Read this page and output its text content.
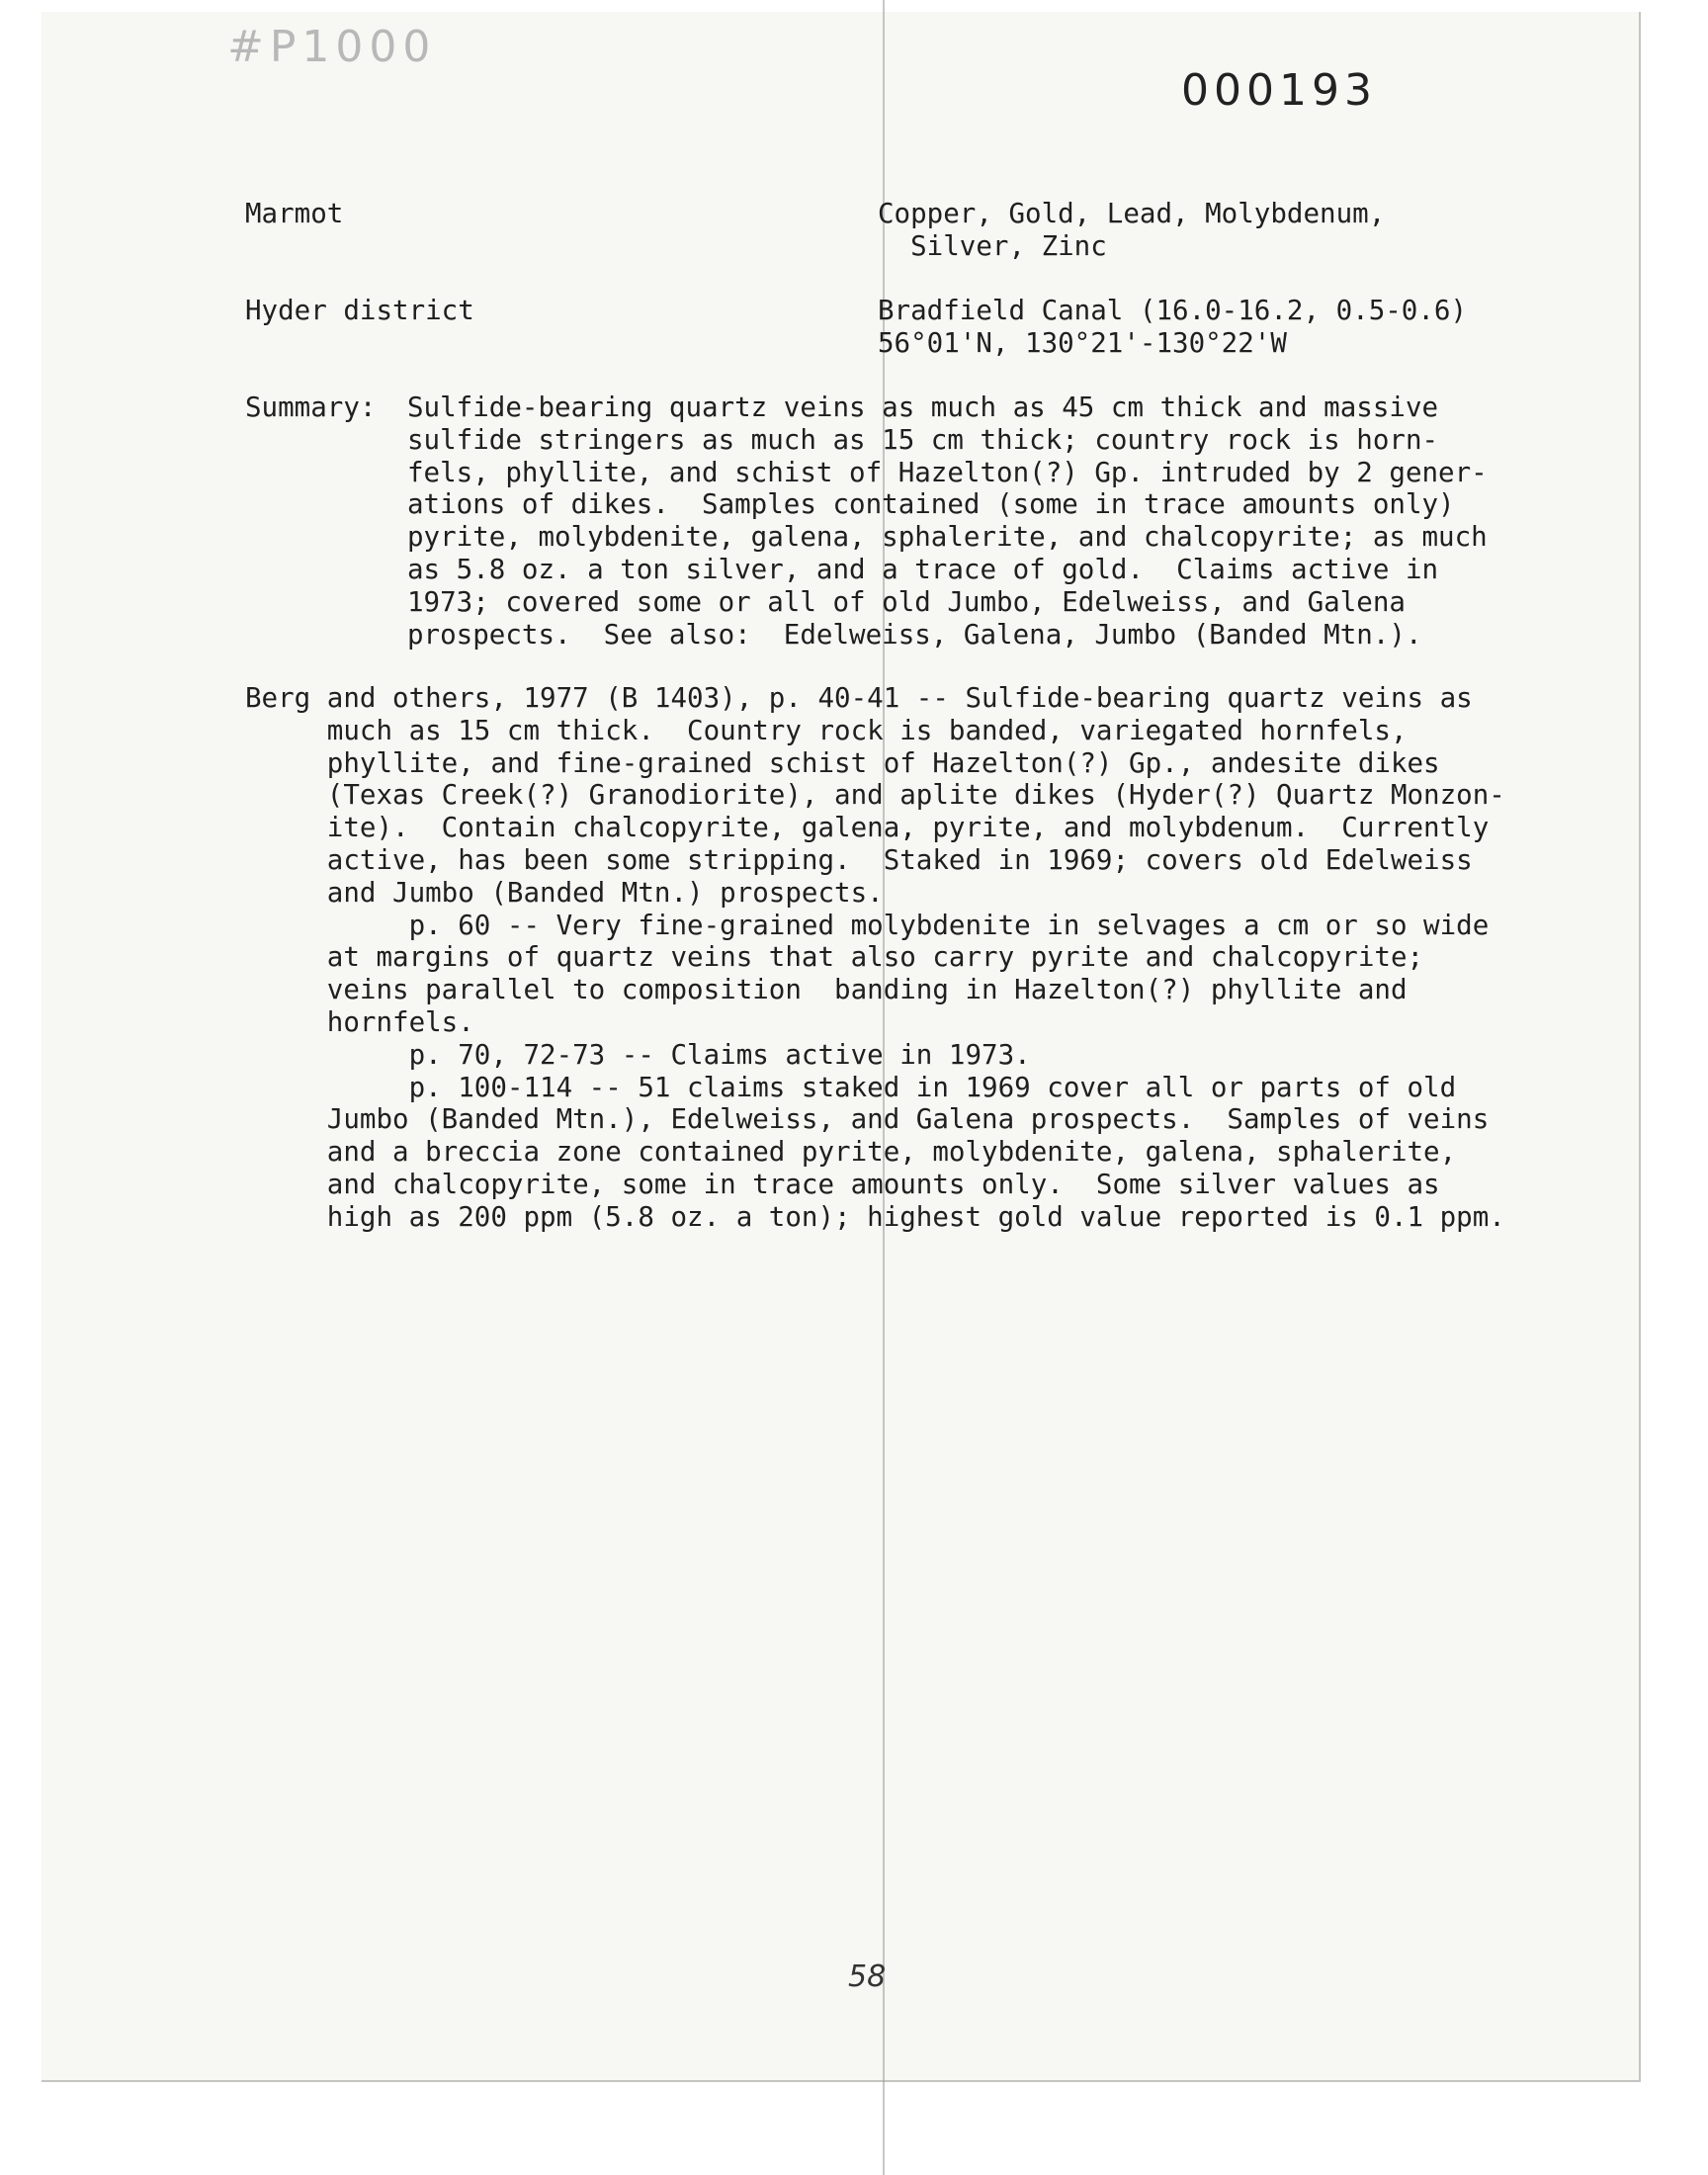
#P1000
000193
Marmot	Copper, Gold, Lead, Molybdenum,
Silver, Zinc
Hyder district	Bradfield Canal (16.0-16.2, 0.5-0.6)
56°01'N, 130°21'-130°22'W
Summary: Sulfide-bearing quartz veins as much as 45 cm thick and massive
sulfide stringers as much as 15 cm thick; country rock is horn-
fels, phyllite, and schist of Hazelton(?) Gp. intruded by 2 gener-
ations of dikes.  Samples contained (some in trace amounts only)
pyrite, molybdenite, galena, sphalerite, and chalcopyrite; as much
as 5.8 oz. a ton silver, and a trace of gold.  Claims active in
1973; covered some or all of old Jumbo, Edelweiss, and Galena
prospects.  See also:  Edelweiss, Galena, Jumbo (Banded Mtn.).
Berg and others, 1977 (B 1403), p. 40-41 -- Sulfide-bearing quartz veins as
much as 15 cm thick.  Country rock is banded, variegated hornfels,
phyllite, and fine-grained schist of Hazelton(?) Gp., andesite dikes
(Texas Creek(?) Granodiorite), and aplite dikes (Hyder(?) Quartz Monzon-
ite).  Contain chalcopyrite, galena, pyrite, and molybdenum.  Currently
active, has been some stripping.  Staked in 1969; covers old Edelweiss
and Jumbo (Banded Mtn.) prospects.
p. 60 -- Very fine-grained molybdenite in selvages a cm or so wide
at margins of quartz veins that also carry pyrite and chalcopyrite;
veins parallel to composition  banding in Hazelton(?) phyllite and
hornfels.
p. 70, 72-73 -- Claims active in 1973.
p. 100-114 -- 51 claims staked in 1969 cover all or parts of old
Jumbo (Banded Mtn.), Edelweiss, and Galena prospects.  Samples of veins
and a breccia zone contained pyrite, molybdenite, galena, sphalerite,
and chalcopyrite, some in trace amounts only.  Some silver values as
high as 200 ppm (5.8 oz. a ton); highest gold value reported is 0.1 ppm.
58
